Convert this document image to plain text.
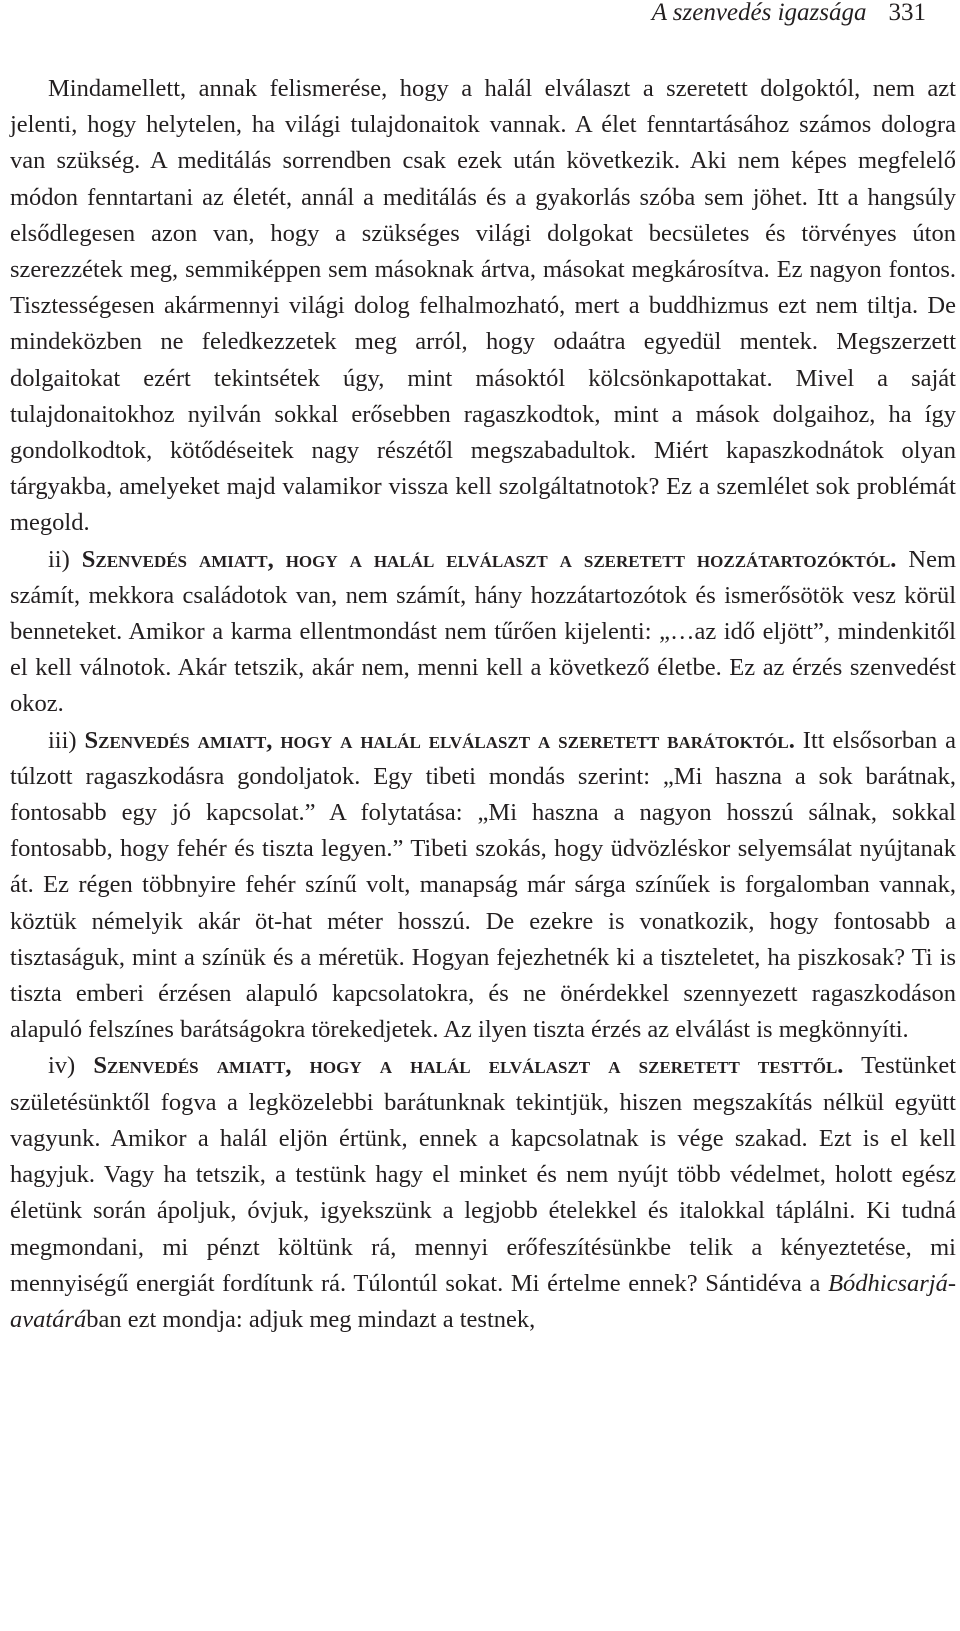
A szenvedés igazsága 331

Mindamellett, annak felismerése, hogy a halál elválaszt a szeretett dolgoktól, nem azt jelenti, hogy helytelen, ha világi tulajdonaitok vannak. A élet fenntartásához számos dologra van szükség. A meditálás sorrendben csak ezek után következik. Aki nem képes megfelelő módon fenntartani az életét, annál a meditálás és a gyakorlás szóba sem jöhet. Itt a hangsúly elsődlegesen azon van, hogy a szükséges világi dolgokat becsületes és törvényes úton szerezzétek meg, semmiképpen sem másoknak ártva, másokat megkárosítva. Ez nagyon fontos. Tisztességesen akármennyi világi dolog felhalmozható, mert a buddhizmus ezt nem tiltja. De mindeközben ne feledkezzetek meg arról, hogy odaátra egyedül mentek. Megszerzett dolgaitokat ezért tekintsétek úgy, mint másoktól kölcsönkapottakat. Mivel a saját tulajdonaitokhoz nyilván sokkal erősebben ragaszkodtok, mint a mások dolgaihoz, ha így gondolkodtok, kötődéseitek nagy részétől megszabadultok. Miért kapaszkodnátok olyan tárgyakba, amelyeket majd valamikor vissza kell szolgáltatnotok? Ez a szemlélet sok problémát megold.

ii) Szenvedés amiatt, hogy a halál elválaszt a szeretett hozzátartozóktól. Nem számít, mekkora családotok van, nem számít, hány hozzátartozótok és ismerősötök vesz körül benneteket. Amikor a karma ellentmondást nem tűrően kijelenti: „…az idő eljött”, mindenkitől el kell válnotok. Akár tetszik, akár nem, menni kell a következő életbe. Ez az érzés szenvedést okoz.

iii) Szenvedés amiatt, hogy a halál elválaszt a szeretett barátoktól. Itt elsősorban a túlzott ragaszkodásra gondoljatok. Egy tibeti mondás szerint: „Mi haszna a sok barátnak, fontosabb egy jó kapcsolat.” A folytatása: „Mi haszna a nagyon hosszú sálnak, sokkal fontosabb, hogy fehér és tiszta legyen.” Tibeti szokás, hogy üdvözléskor selyemsálat nyújtanak át. Ez régen többnyire fehér színű volt, manapság már sárga színűek is forgalomban vannak, köztük némelyik akár öt-hat méter hosszú. De ezekre is vonatkozik, hogy fontosabb a tisztaságuk, mint a színük és a méretük. Hogyan fejezhetnék ki a tiszteletet, ha piszkosak? Ti is tiszta emberi érzésen alapuló kapcsolatokra, és ne önérdekkel szennyezett ragaszkodáson alapuló felszínes barátságokra törekedjetek. Az ilyen tiszta érzés az elválást is megkönnyíti.

iv) Szenvedés amiatt, hogy a halál elválaszt a szeretett testtől. Testünket születésünktől fogva a legközelebbi barátunknak tekintjük, hiszen megszakítás nélkül együtt vagyunk. Amikor a halál eljön értünk, ennek a kapcsolatnak is vége szakad. Ezt is el kell hagyjuk. Vagy ha tetszik, a testünk hagy el minket és nem nyújt több védelmet, holott egész életünk során ápoljuk, óvjuk, igyekszünk a legjobb ételekkel és italokkal táplálni. Ki tudná megmondani, mi pénzt költünk rá, mennyi erőfeszítésünkbe telik a kényeztetése, mi mennyiségű energiát fordítunk rá. Túlontúl sokat. Mi értelme ennek? Sántidéva a Bódhicsarjá-avatárában ezt mondja: adjuk meg mindazt a testnek,
